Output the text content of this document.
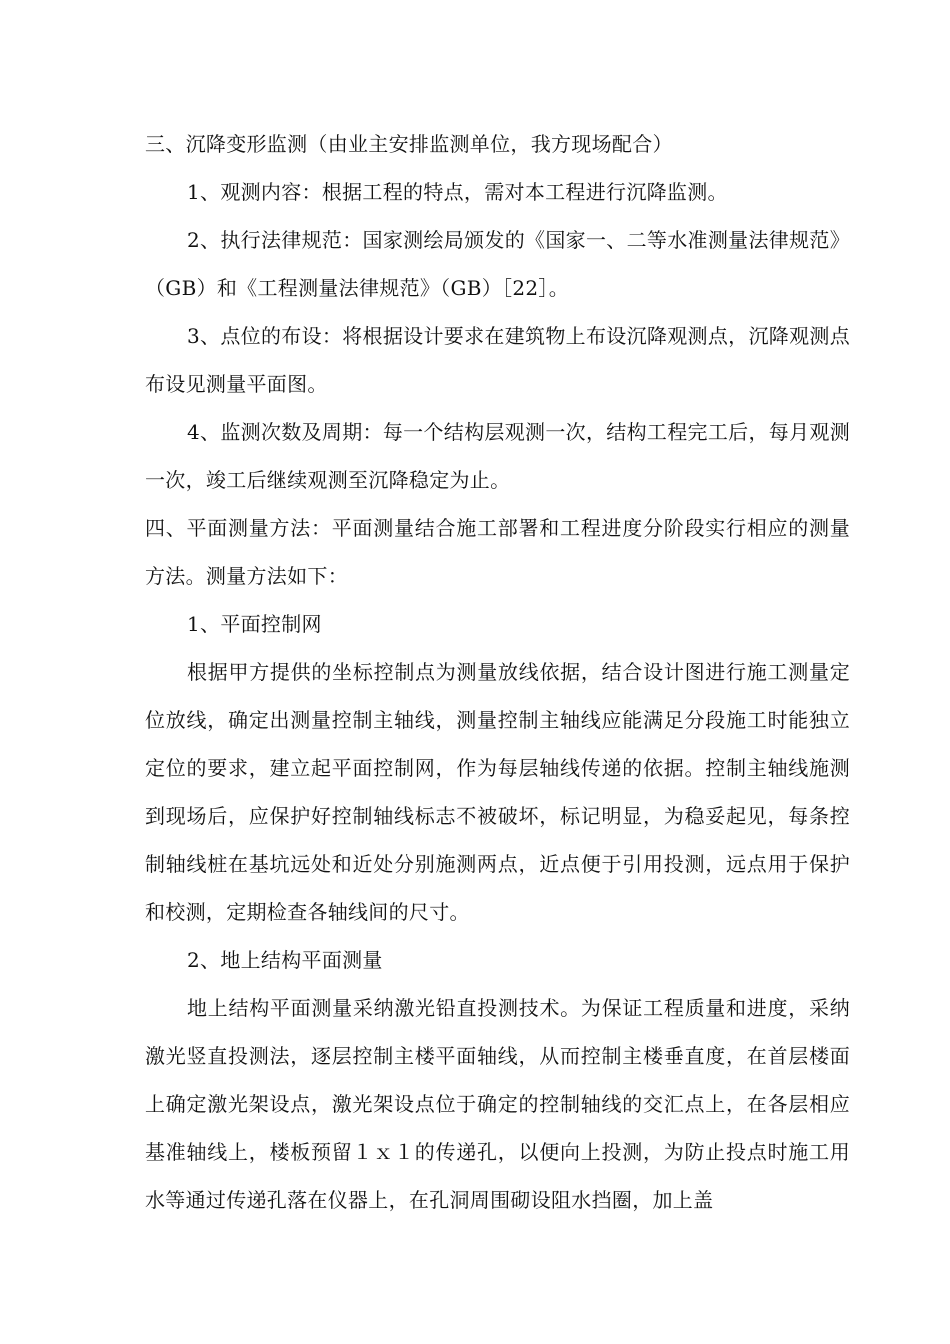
三、沉降变形监测（由业主安排监测单位，我方现场配合）

1、观测内容：根据工程的特点，需对本工程进行沉降监测。

2、执行法律规范：国家测绘局颁发的《国家一、二等水准测量法律规范》（GB）和《工程测量法律规范》（GB）［22］。

3、点位的布设：将根据设计要求在建筑物上布设沉降观测点，沉降观测点布设见测量平面图。

4、监测次数及周期：每一个结构层观测一次，结构工程完工后，每月观测一次，竣工后继续观测至沉降稳定为止。

四、平面测量方法：平面测量结合施工部署和工程进度分阶段实行相应的测量方法。测量方法如下：

1、平面控制网

根据甲方提供的坐标控制点为测量放线依据，结合设计图进行施工测量定位放线，确定出测量控制主轴线，测量控制主轴线应能满足分段施工时能独立定位的要求，建立起平面控制网，作为每层轴线传递的依据。控制主轴线施测到现场后，应保护好控制轴线标志不被破坏，标记明显，为稳妥起见，每条控制轴线桩在基坑远处和近处分别施测两点，近点便于引用投测，远点用于保护和校测，定期检查各轴线间的尺寸。

2、地上结构平面测量

地上结构平面测量采纳激光铅直投测技术。为保证工程质量和进度，采纳激光竖直投测法，逐层控制主楼平面轴线，从而控制主楼垂直度，在首层楼面上确定激光架设点，激光架设点位于确定的控制轴线的交汇点上，在各层相应基准轴线上，楼板预留１ｘ１的传递孔，以便向上投测，为防止投点时施工用水等通过传递孔落在仪器上，在孔洞周围砌设阻水挡圈，加上盖
